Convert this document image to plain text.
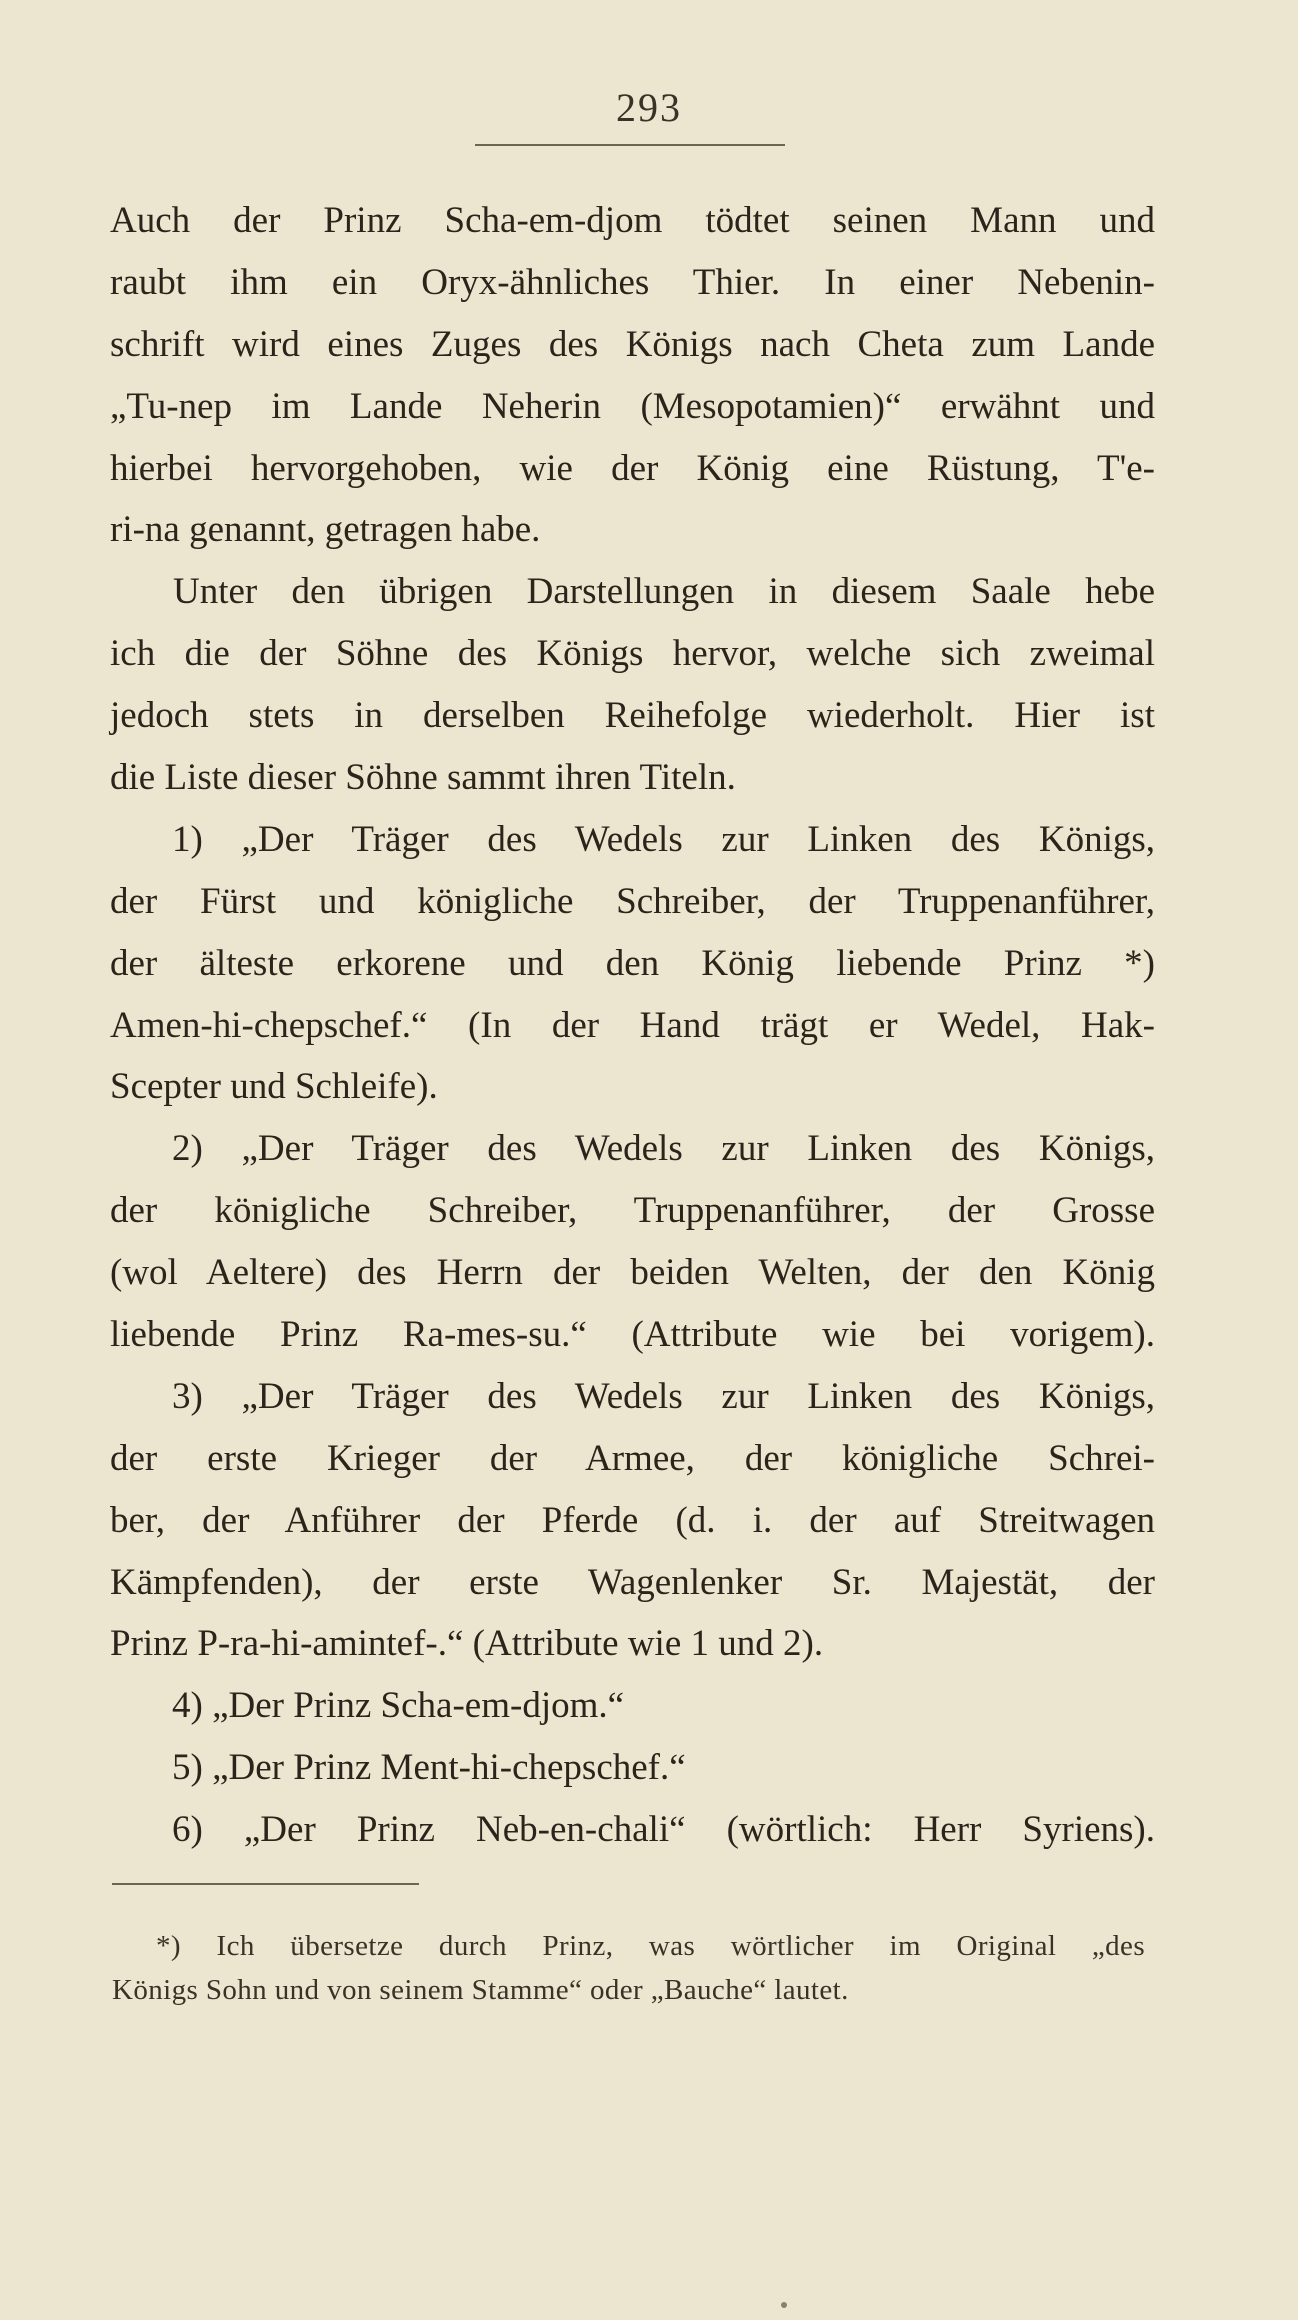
293
Auch der Prinz Scha-em-djom tödtet seinen Mann und
raubt ihm ein Oryx-ähnliches Thier. In einer Nebenin-
schrift wird eines Zuges des Königs nach Cheta zum Lande
„Tu-nep im Lande Neherin (Mesopotamien)“ erwähnt und
hierbei hervorgehoben, wie der König eine Rüstung, T'e-
ri-na genannt, getragen habe.
Unter den übrigen Darstellungen in diesem Saale hebe
ich die der Söhne des Königs hervor, welche sich zweimal
jedoch stets in derselben Reihefolge wiederholt. Hier ist
die Liste dieser Söhne sammt ihren Titeln.
1) „Der Träger des Wedels zur Linken des Königs,
der Fürst und königliche Schreiber, der Truppenanführer,
der älteste erkorene und den König liebende Prinz *)
Amen-hi-chepschef.“ (In der Hand trägt er Wedel, Hak-
Scepter und Schleife).
2) „Der Träger des Wedels zur Linken des Königs,
der königliche Schreiber, Truppenanführer, der Grosse
(wol Aeltere) des Herrn der beiden Welten, der den König
liebende Prinz Ra-mes-su.“ (Attribute wie bei vorigem).
3) „Der Träger des Wedels zur Linken des Königs,
der erste Krieger der Armee, der königliche Schrei-
ber, der Anführer der Pferde (d. i. der auf Streitwagen
Kämpfenden), der erste Wagenlenker Sr. Majestät, der
Prinz P-ra-hi-amintef-.“ (Attribute wie 1 und 2).
4) „Der Prinz Scha-em-djom.“
5) „Der Prinz Ment-hi-chepschef.“
6) „Der Prinz Neb-en-chali“ (wörtlich: Herr Syriens).
*) Ich übersetze durch Prinz, was wörtlicher im Original „des
Königs Sohn und von seinem Stamme“ oder „Bauche“ lautet.
